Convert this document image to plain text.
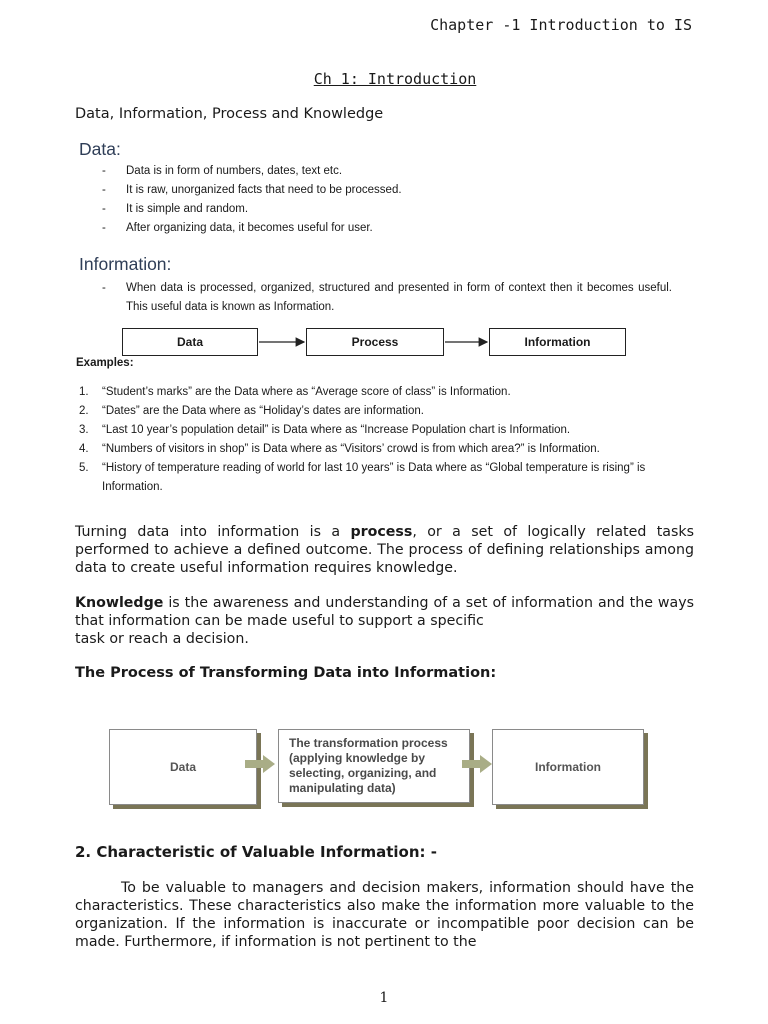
Chapter -1 Introduction to IS
Ch 1: Introduction
Data, Information, Process and Knowledge
Data:
- Data is in form of numbers, dates, text etc.
- It is raw, unorganized facts that need to be processed.
- It is simple and random.
- After organizing data, it becomes useful for user.
Information:
- When data is processed, organized, structured and presented in form of context then it becomes useful. This useful data is known as Information.
Data	Process	Information
Examples:
1. “Student’s marks” are the Data where as “Average score of class” is Information.
2. “Dates” are the Data where as “Holiday’s dates are information.
3. “Last 10 year’s population detail” is Data where as “Increase Population chart is Information.
4. “Numbers of visitors in shop” is Data where as “Visitors’ crowd is from which area?” is Information.
5. “History of temperature reading of world for last 10 years” is Data where as “Global temperature is rising” is Information.
Turning data into information is a process, or a set of logically related tasks performed to achieve a defined outcome. The process of defining relationships among data to create useful information requires knowledge.
Knowledge is the awareness and understanding of a set of information and the ways that information can be made useful to support a specific
task or reach a decision.
The Process of Transforming Data into Information:
Data
The transformation process (applying knowledge by selecting, organizing, and manipulating data)
Information
2. Characteristic of Valuable Information: -
To be valuable to managers and decision makers, information should have the characteristics. These characteristics also make the information more valuable to the organization. If the information is inaccurate or incompatible poor decision can be made. Furthermore, if information is not pertinent to the
1
